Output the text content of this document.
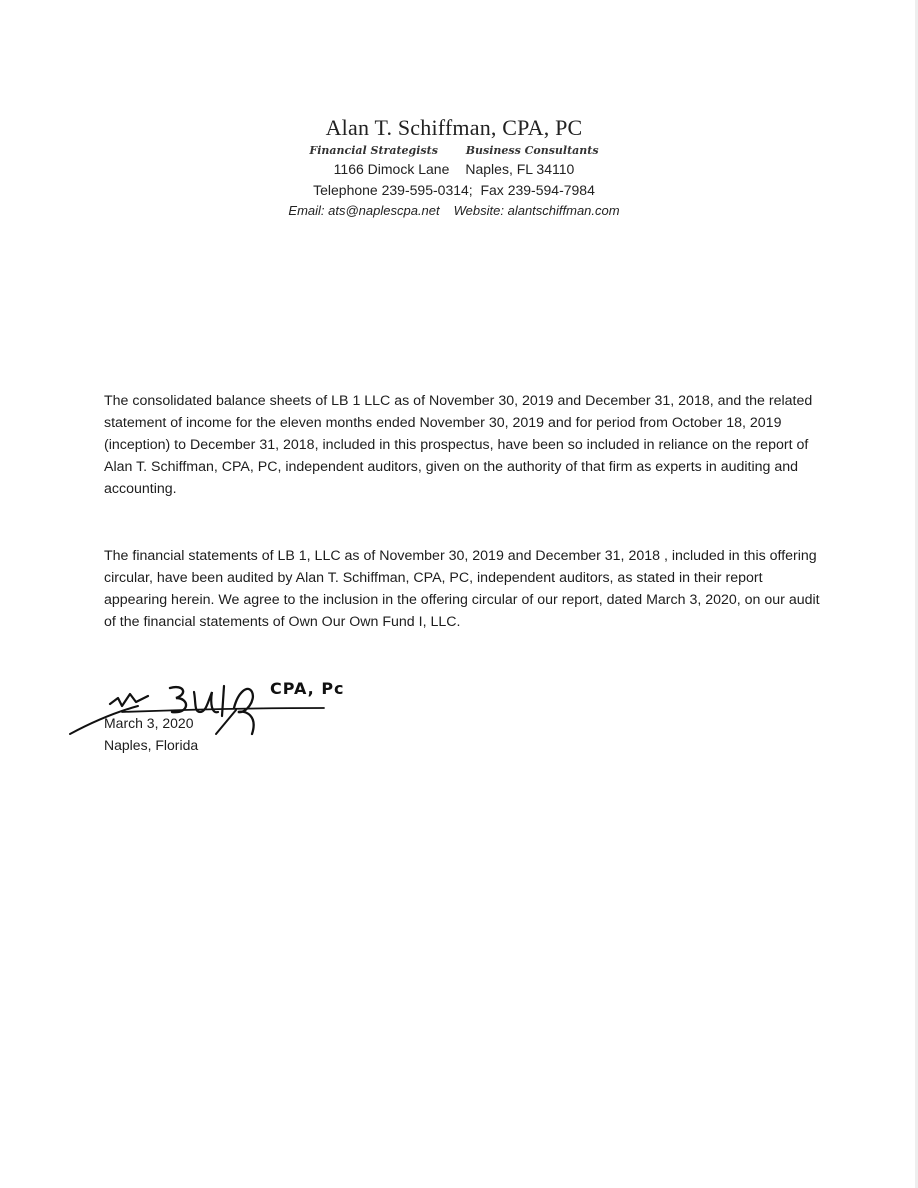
Alan T. Schiffman, CPA, PC
Financial Strategists	Business Consultants
1166 Dimock Lane Naples, FL 34110
Telephone 239-595-0314; Fax 239-594-7984
Email: ats@naplescpa.net Website: alantschiffman.com
The consolidated balance sheets of LB 1 LLC as of November 30, 2019 and December 31, 2018, and the related statement of income for the eleven months ended November 30, 2019 and for period from October 18, 2019 (inception) to December 31, 2018, included in this prospectus, have been so included in reliance on the report of Alan T. Schiffman, CPA, PC, independent auditors, given on the authority of that firm as experts in auditing and accounting.
The financial statements of LB 1, LLC as of November 30, 2019 and December 31, 2018 , included in this offering circular, have been audited by Alan T. Schiffman, CPA, PC, independent auditors, as stated in their report appearing herein. We agree to the inclusion in the offering circular of our report, dated March 3, 2020, on our audit of the financial statements of Own Our Own Fund I, LLC.
CPA, Pc
March 3, 2020
Naples, Florida
